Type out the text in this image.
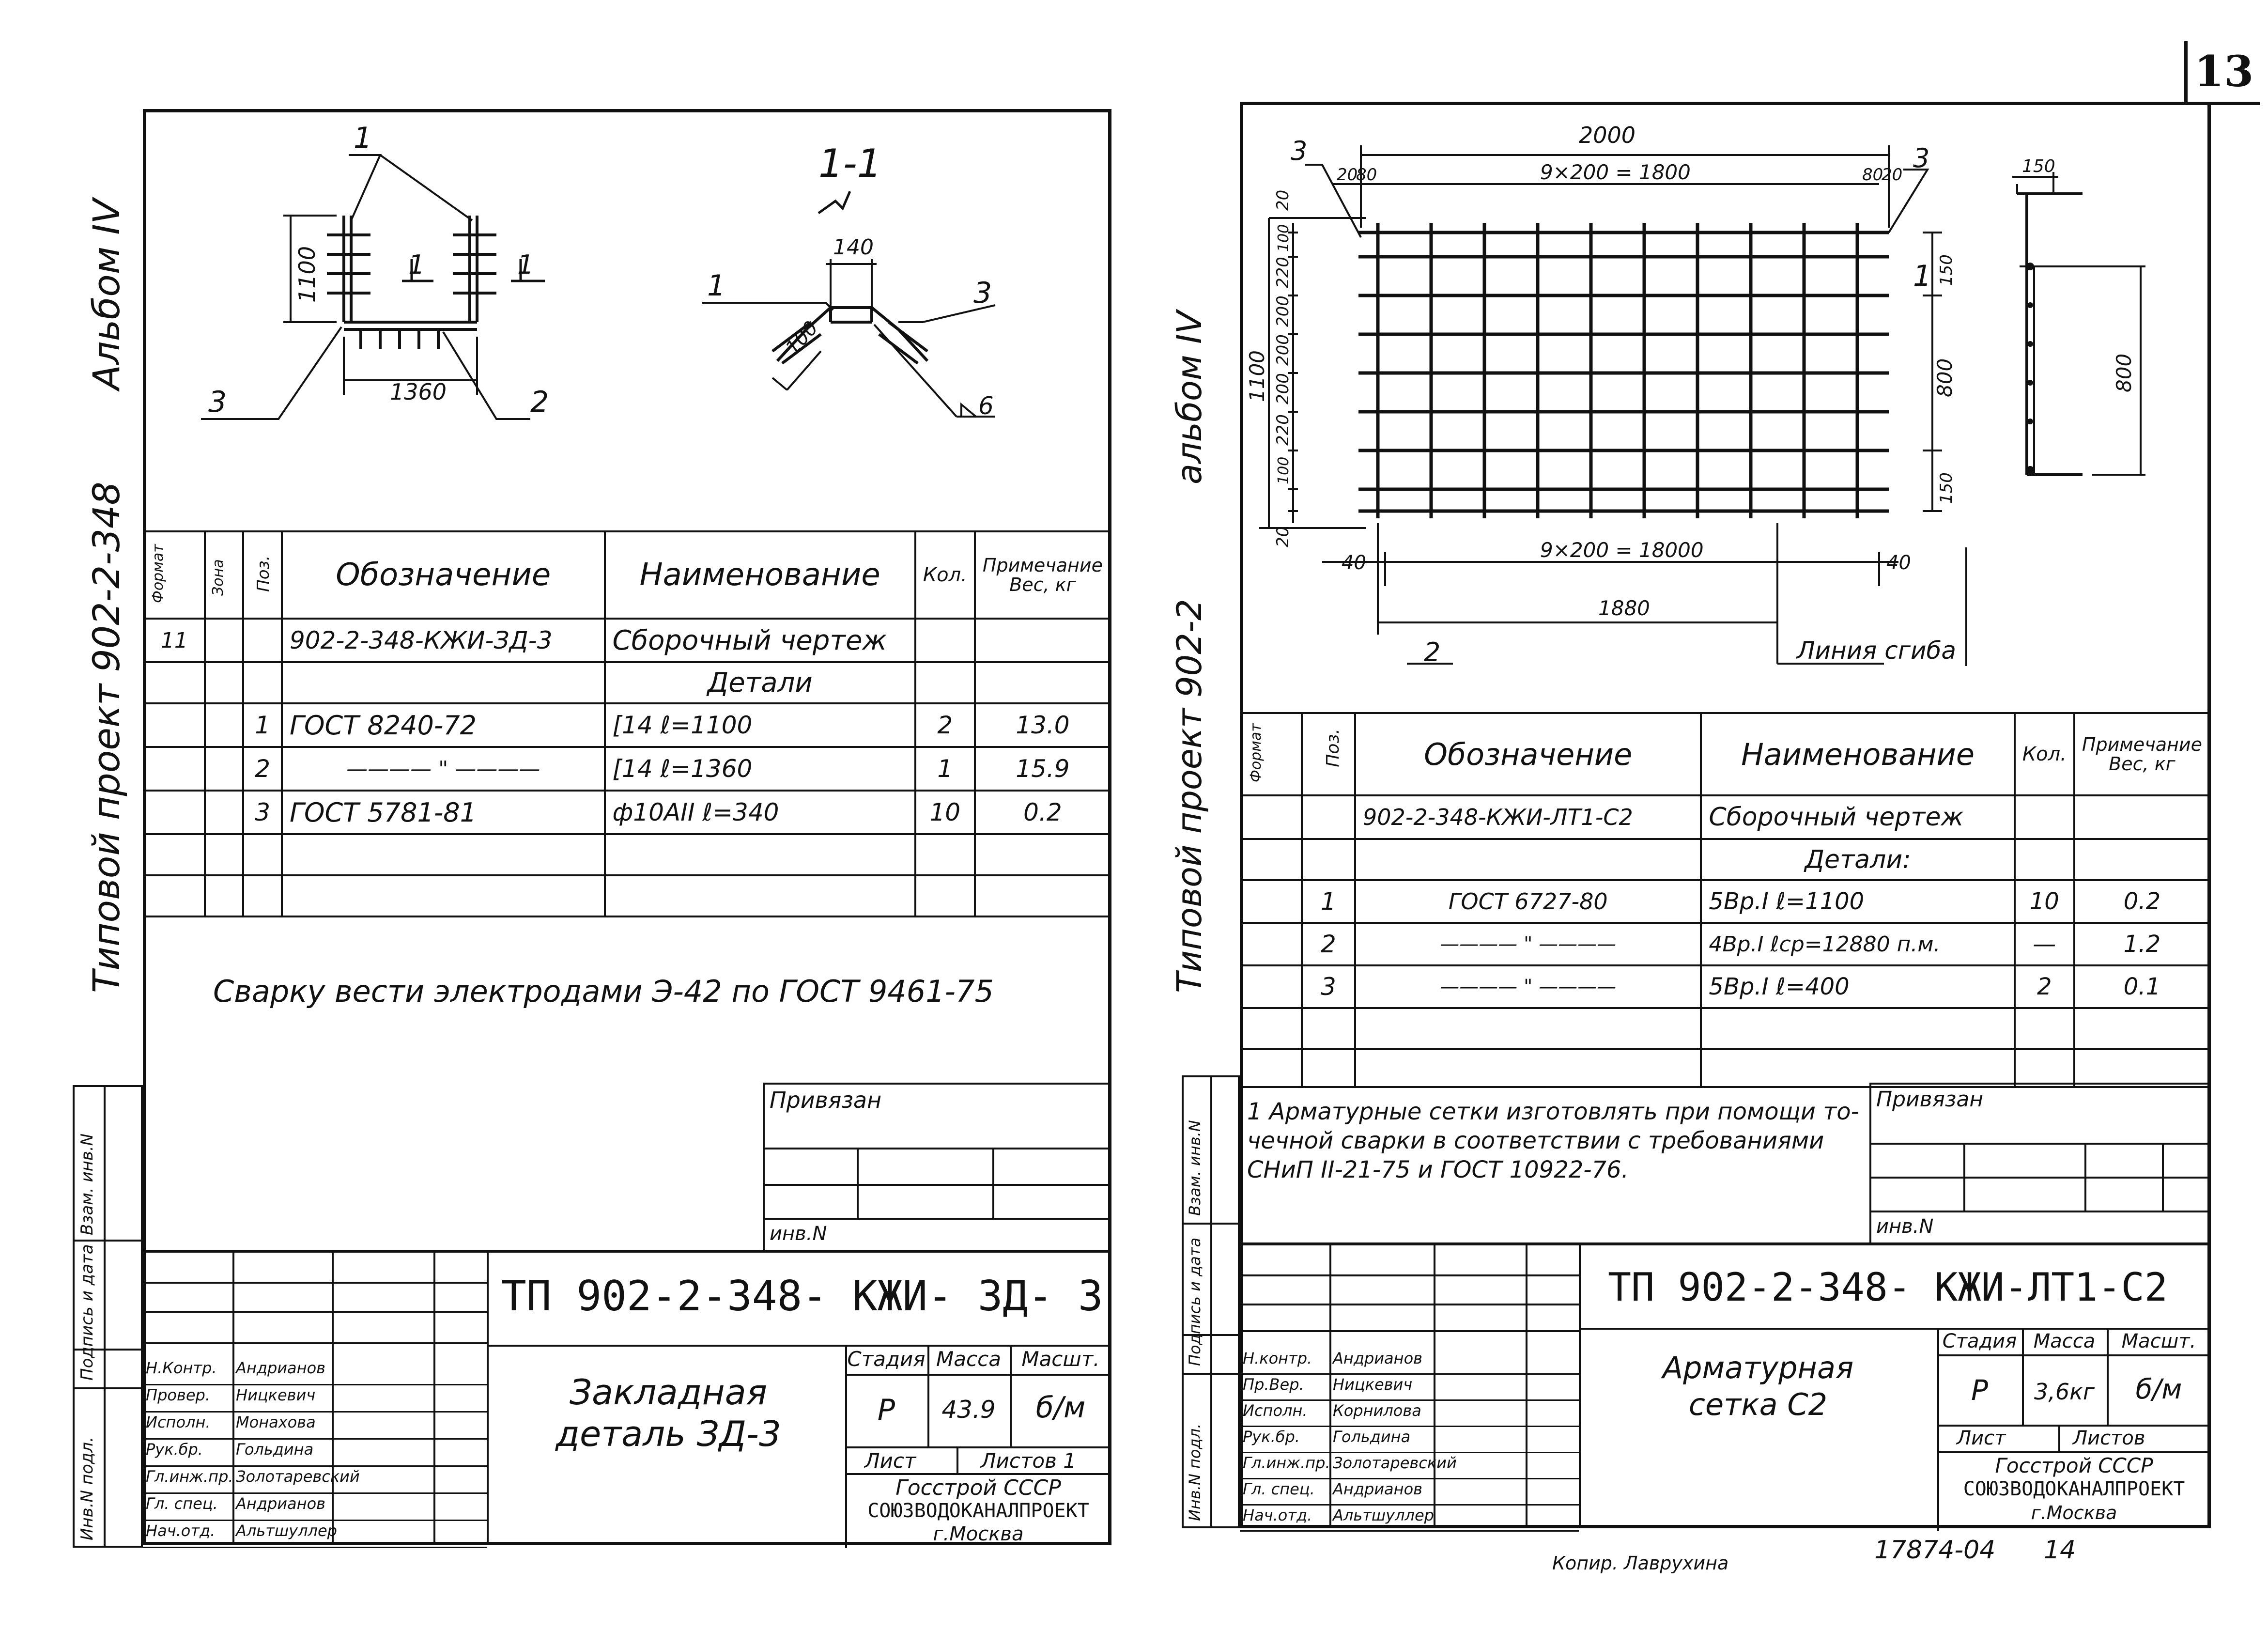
13
Альбом IV
Типовой проект 902-2-348
Инв.N подл.
Подпись и дата
Взам. инв.N
1100
1360
1
3	2
1	1
1-1
140
100
1	3
6
Формат	Зона	Поз.	Обозначение	Наименование	Кол.	Примечание Вес, кг
11			902-2-348-КЖИ-ЗД-3	Сборочный чертеж		
				Детали		
		1	ГОСТ 8240-72	[14 ℓ=1100	2	13.0
		2	———— " ————	[14 ℓ=1360	1	15.9
		3	ГОСТ 5781-81	ф10АII ℓ=340	10	0.2

Сварку вести электродами Э-42 по ГОСТ 9461-75
Привязан
инв.N
Н.Контр.	Андрианов
Провер.	Ницкевич
Исполн.	Монахова
Рук.бр.	Гольдина
Гл.инж.пр. Золотаревский
Гл. спец.	Андрианов
Нач.отд.	Альтшуллер
ТП 902-2-348- КЖИ- ЗД- 3
Закладная деталь ЗД-3
Стадия Масса	Масшт.
Р	43.9	б/м
Лист	Листов 1
Госстрой СССР
СОЮЗВОДОКАНАЛПРОЕКТ
г.Москва
альбом IV
Типовой проект 902-2
Инв.N подл.
Подпись и дата
Взам. инв.N
2000
9×200 = 1800
20
80	80
20
3	3
1
1100
20
100
220
200
200
200
220
100
20
800
150
150
40
9×200 = 18000
40
1880
2	Линия сгиба
150
800
Формат	Поз.	Обозначение	Наименование	Кол.	Примечание Вес, кг
		902-2-348-КЖИ-ЛТ1-С2	Сборочный чертеж		
			Детали:		
	1	ГОСТ 6727-80	5Вр.I ℓ=1100	10	0.2
	2	———— " ————	4Вр.I ℓср=12880 п.м.	—	1.2
	3	———— " ————	5Вр.I ℓ=400	2	0.1

1 Арматурные сетки изготовлять при помощи то-
чечной сварки в соответствии с требованиями
СНиП II-21-75 и ГОСТ 10922-76.
Привязан
инв.N
Н.контр.	Андрианов
Пр.Вер.	Ницкевич
Исполн.	Корнилова
Рук.бр.	Гольдина
Гл.инж.пр. Золотаревский
Гл. спец.	Андрианов
Нач.отд.	Альтшуллер
ТП 902-2-348- КЖИ-ЛТ1-С2
Арматурная сетка С2
Стадия Масса	Масшт.
Р	3,6кг	б/м
Лист	Листов
Госстрой СССР
СОЮЗВОДОКАНАЛПРОЕКТ
г.Москва
Копир. Лаврухина	17874-04 14
